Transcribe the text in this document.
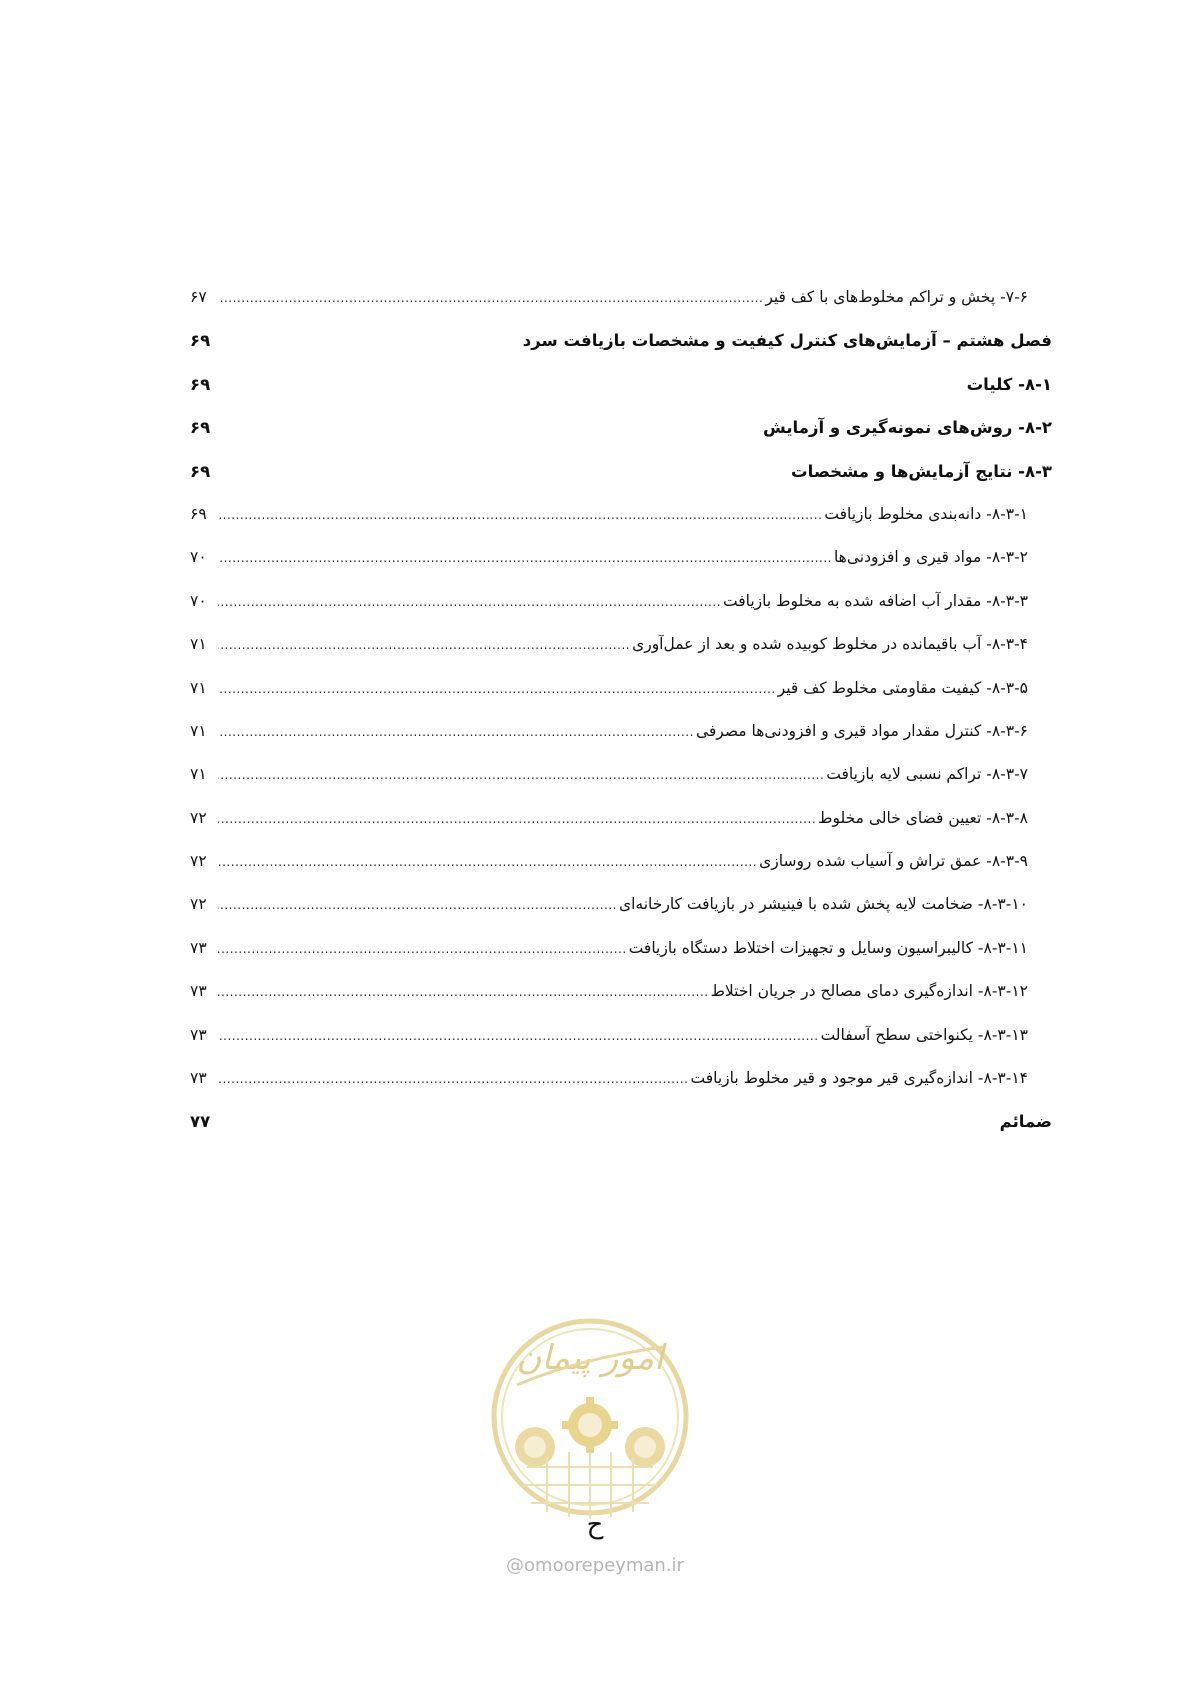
۷-۶- پخش و تراکم مخلوط‌های با کف قیر
.....
۶۷
فصل هشتم – آزمایش‌های کنترل کیفیت و مشخصات بازیافت سرد
۶۹
۸-۱- کلیات
۶۹
۸-۲- روش‌های نمونه‌گیری و آزمایش
۶۹
۸-۳- نتایج آزمایش‌ها و مشخصات
۶۹
۸-۳-۱- دانه‌بندی مخلوط بازیافت
.....
۶۹
۸-۳-۲- مواد قیری و افزودنی‌ها
.....
۷۰
۸-۳-۳- مقدار آب اضافه شده به مخلوط بازیافت
.....
۷۰
۸-۳-۴- آب باقیمانده در مخلوط کوبیده شده و بعد از عمل‌آوری
.....
۷۱
۸-۳-۵- کیفیت مقاومتی مخلوط کف قیر
.....
۷۱
۸-۳-۶- کنترل مقدار مواد قیری و افزودنی‌ها مصرفی
.....
۷۱
۸-۳-۷- تراکم نسبی لایه بازیافت
.....
۷۱
۸-۳-۸- تعیین فضای خالی مخلوط
.....
۷۲
۸-۳-۹- عمق تراش و آسیاب شده روسازی
.....
۷۲
۸-۳-۱۰- ضخامت لایه پخش شده با فینیشر در بازیافت کارخانه‌ای
.....
۷۲
۸-۳-۱۱- کالیبراسیون وسایل و تجهیزات اختلاط دستگاه بازیافت
.....
۷۳
۸-۳-۱۲- اندازه‌گیری دمای مصالح در جریان اختلاط
.....
۷۳
۸-۳-۱۳- یکنواختی سطح آسفالت
.....
۷۳
۸-۳-۱۴- اندازه‌گیری قیر موجود و قیر مخلوط بازیافت
.....
۷۳
ضمائم
۷۷
امور پیمان
ح
@omoorepeyman.ir
